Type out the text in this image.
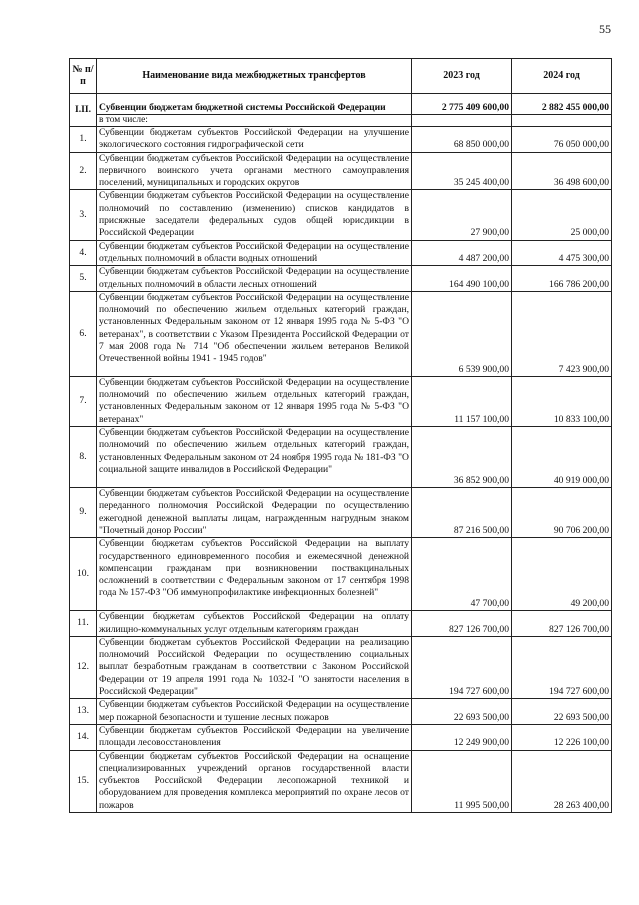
55
№ п/п	Наименование вида межбюджетных трансфертов	2023 год	2024 год
I.II.	Субвенции бюджетам бюджетной системы Российской Федерации	2 775 409 600,00	2 882 455 000,00
	в том числе:		
1.	Субвенции бюджетам субъектов Российской Федерации на улучшение экологического состояния гидрографической сети	68 850 000,00	76 050 000,00
2.	Субвенции бюджетам субъектов Российской Федерации на осуществление первичного воинского учета органами местного самоуправления поселений, муниципальных и городских округов	35 245 400,00	36 498 600,00
3.	Субвенции бюджетам субъектов Российской Федерации на осуществление полномочий по составлению (изменению) списков кандидатов в присяжные заседатели федеральных судов общей юрисдикции в Российской Федерации	27 900,00	25 000,00
4.	Субвенции бюджетам субъектов Российской Федерации на осуществление отдельных полномочий в области водных отношений	4 487 200,00	4 475 300,00
5.	Субвенции бюджетам субъектов Российской Федерации на осуществление отдельных полномочий в области лесных отношений	164 490 100,00	166 786 200,00
6.	Субвенции бюджетам субъектов Российской Федерации на осуществление полномочий по обеспечению жильем отдельных категорий граждан, установленных Федеральным законом от 12 января 1995 года № 5-ФЗ "О ветеранах", в соответствии с Указом Президента Российской Федерации от 7 мая 2008 года № 714 "Об обеспечении жильем ветеранов Великой Отечественной войны 1941 - 1945 годов"	6 539 900,00	7 423 900,00
7.	Субвенции бюджетам субъектов Российской Федерации на осуществление полномочий по обеспечению жильем отдельных категорий граждан, установленных Федеральным законом от 12 января 1995 года № 5-ФЗ "О ветеранах"	11 157 100,00	10 833 100,00
8.	Субвенции бюджетам субъектов Российской Федерации на осуществление полномочий по обеспечению жильем отдельных категорий граждан, установленных Федеральным законом от 24 ноября 1995 года № 181-ФЗ "О социальной защите инвалидов в Российской Федерации"	36 852 900,00	40 919 000,00
9.	Субвенции бюджетам субъектов Российской Федерации на осуществление переданного полномочия Российской Федерации по осуществлению ежегодной денежной выплаты лицам, награжденным нагрудным знаком "Почетный донор России"	87 216 500,00	90 706 200,00
10.	Субвенции бюджетам субъектов Российской Федерации на выплату государственного единовременного пособия и ежемесячной денежной компенсации гражданам при возникновении поствакцинальных осложнений в соответствии с Федеральным законом от 17 сентября 1998 года № 157-ФЗ "Об иммунопрофилактике инфекционных болезней"	47 700,00	49 200,00
11.	Субвенции бюджетам субъектов Российской Федерации на оплату жилищно-коммунальных услуг отдельным категориям граждан	827 126 700,00	827 126 700,00
12.	Субвенции бюджетам субъектов Российской Федерации на реализацию полномочий Российской Федерации по осуществлению социальных выплат безработным гражданам в соответствии с Законом Российской Федерации от 19 апреля 1991 года № 1032-I "О занятости населения в Российской Федерации"	194 727 600,00	194 727 600,00
13.	Субвенции бюджетам субъектов Российской Федерации на осуществление мер пожарной безопасности и тушение лесных пожаров	22 693 500,00	22 693 500,00
14.	Субвенции бюджетам субъектов Российской Федерации на увеличение площади лесовосстановления	12 249 900,00	12 226 100,00
15.	Субвенции бюджетам субъектов Российской Федерации на оснащение специализированных учреждений органов государственной власти субъектов Российской Федерации лесопожарной техникой и оборудованием для проведения комплекса мероприятий по охране лесов от пожаров	11 995 500,00	28 263 400,00
